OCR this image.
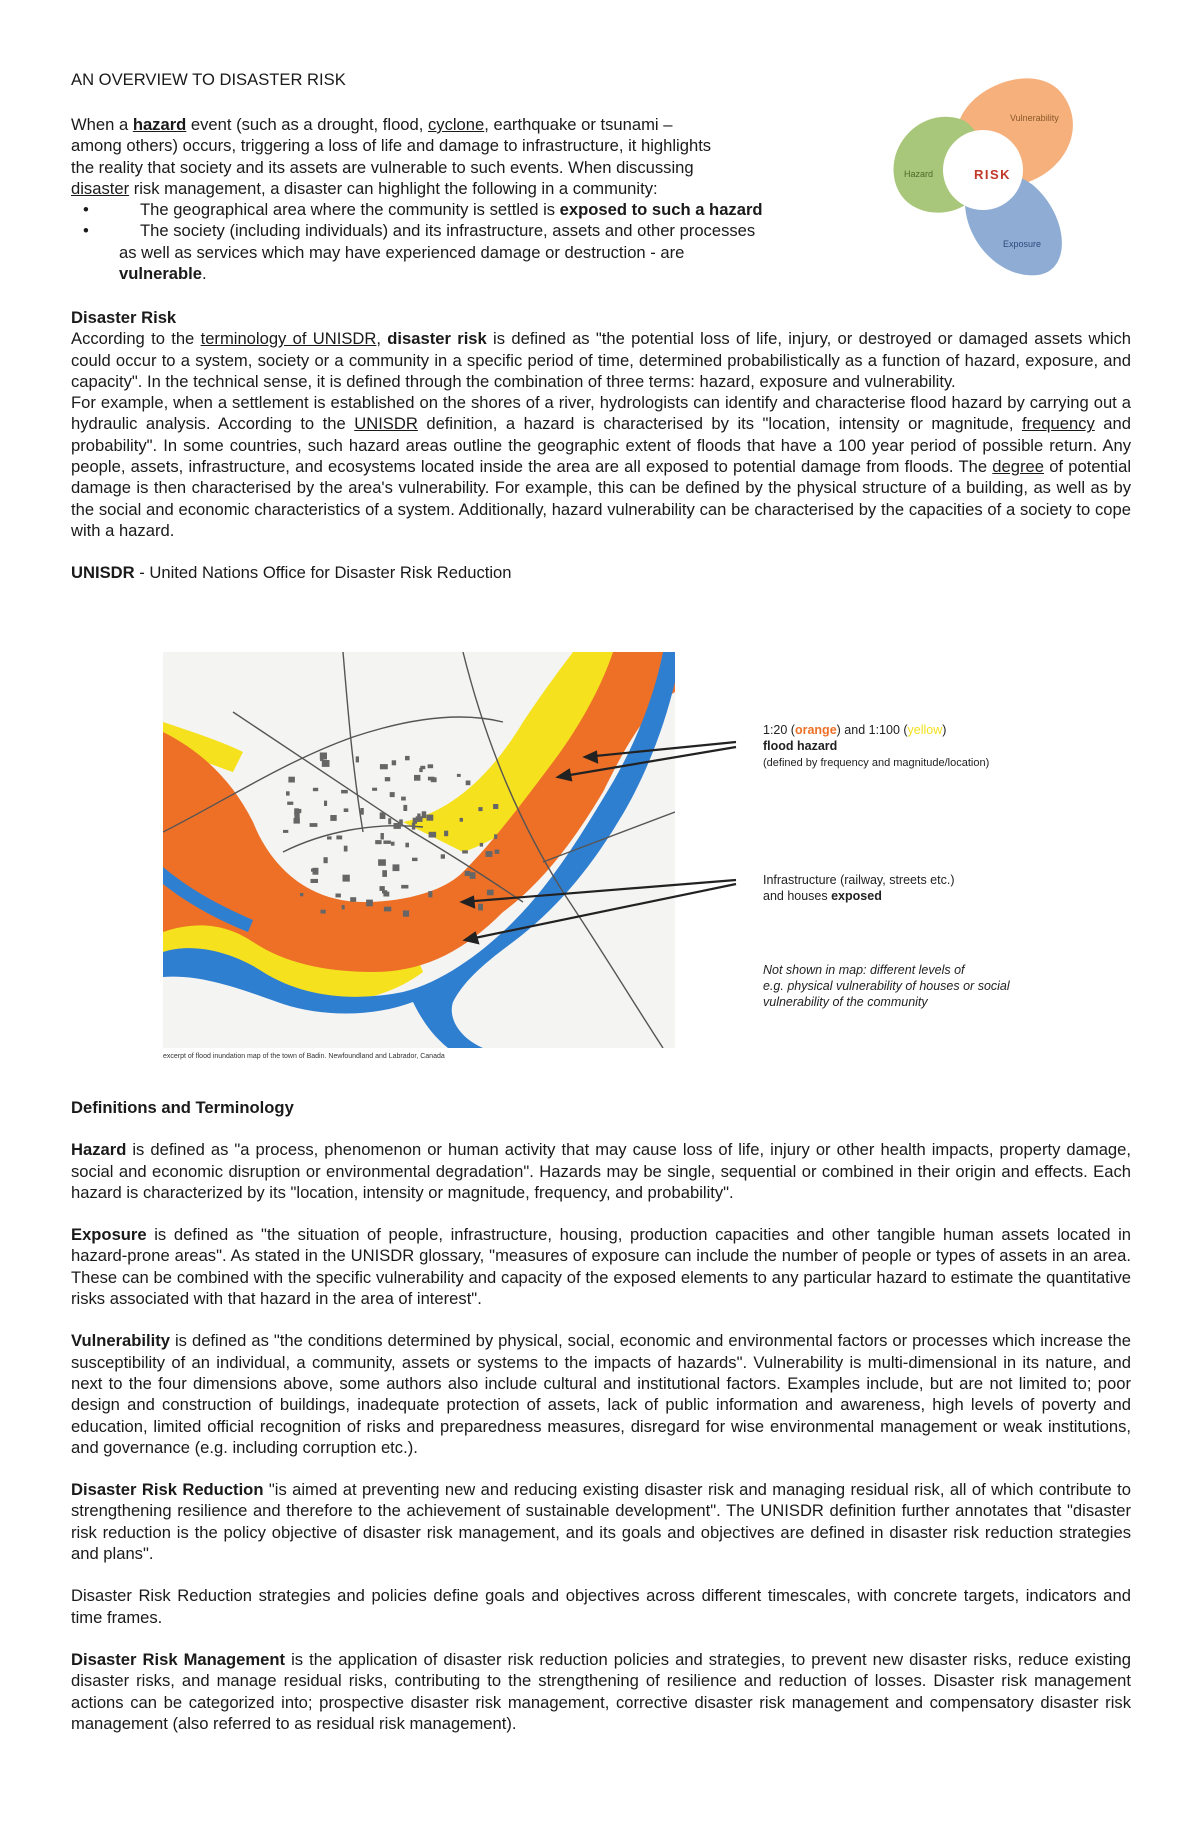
AN OVERVIEW TO DISASTER RISK

When a hazard event (such as a drought, flood, cyclone, earthquake or tsunami –
among others) occurs, triggering a loss of life and damage to infrastructure, it highlights
the reality that society and its assets are vulnerable to such events. When discussing
disaster risk management, a disaster can highlight the following in a community:

•	The geographical area where the community is settled is exposed to such a hazard
•	The society (including individuals) and its infrastructure, assets and other processes
as well as services which may have experienced damage or destruction - are
vulnerable.
Vulnerability
Hazard	RISK
Exposure

Disaster Risk

According to the terminology of UNISDR, disaster risk is defined as "the potential loss of life, injury, or destroyed or damaged assets which could occur to a system, society or a community in a specific period of time, determined probabilistically as a function of hazard, exposure, and capacity". In the technical sense, it is defined through the combination of three terms: hazard, exposure and vulnerability.

For example, when a settlement is established on the shores of a river, hydrologists can identify and characterise flood hazard by carrying out a hydraulic analysis. According to the UNISDR definition, a hazard is characterised by its "location, intensity or magnitude, frequency and probability". In some countries, such hazard areas outline the geographic extent of floods that have a 100 year period of possible return. Any people, assets, infrastructure, and ecosystems located inside the area are all exposed to potential damage from floods. The degree of potential damage is then characterised by the area's vulnerability. For example, this can be defined by the physical structure of a building, as well as by the social and economic characteristics of a system. Additionally, hazard vulnerability can be characterised by the capacities of a society to cope with a hazard.

UNISDR - United Nations Office for Disaster Risk Reduction

excerpt of flood inundation map of the town of Badin. Newfoundland and Labrador, Canada
1:20 (orange) and 1:100 (yellow)
flood hazard
(defined by frequency and magnitude/location)
Infrastructure (railway, streets etc.)
and houses exposed
Not shown in map: different levels of
e.g. physical vulnerability of houses or social
vulnerability of the community

Definitions and Terminology

Hazard is defined as "a process, phenomenon or human activity that may cause loss of life, injury or other health impacts, property damage, social and economic disruption or environmental degradation". Hazards may be single, sequential or combined in their origin and effects. Each hazard is characterized by its "location, intensity or magnitude, frequency, and probability".

Exposure is defined as "the situation of people, infrastructure, housing, production capacities and other tangible human assets located in hazard-prone areas". As stated in the UNISDR glossary, "measures of exposure can include the number of people or types of assets in an area. These can be combined with the specific vulnerability and capacity of the exposed elements to any particular hazard to estimate the quantitative risks associated with that hazard in the area of interest".

Vulnerability is defined as "the conditions determined by physical, social, economic and environmental factors or processes which increase the susceptibility of an individual, a community, assets or systems to the impacts of hazards". Vulnerability is multi-dimensional in its nature, and next to the four dimensions above, some authors also include cultural and institutional factors. Examples include, but are not limited to; poor design and construction of buildings, inadequate protection of assets, lack of public information and awareness, high levels of poverty and education, limited official recognition of risks and preparedness measures, disregard for wise environmental management or weak institutions, and governance (e.g. including corruption etc.).

Disaster Risk Reduction "is aimed at preventing new and reducing existing disaster risk and managing residual risk, all of which contribute to strengthening resilience and therefore to the achievement of sustainable development". The UNISDR definition further annotates that "disaster risk reduction is the policy objective of disaster risk management, and its goals and objectives are defined in disaster risk reduction strategies and plans".

Disaster Risk Reduction strategies and policies define goals and objectives across different timescales, with concrete targets, indicators and time frames.

Disaster Risk Management is the application of disaster risk reduction policies and strategies, to prevent new disaster risks, reduce existing disaster risks, and manage residual risks, contributing to the strengthening of resilience and reduction of losses. Disaster risk management actions can be categorized into; prospective disaster risk management, corrective disaster risk management and compensatory disaster risk management (also referred to as residual risk management).
